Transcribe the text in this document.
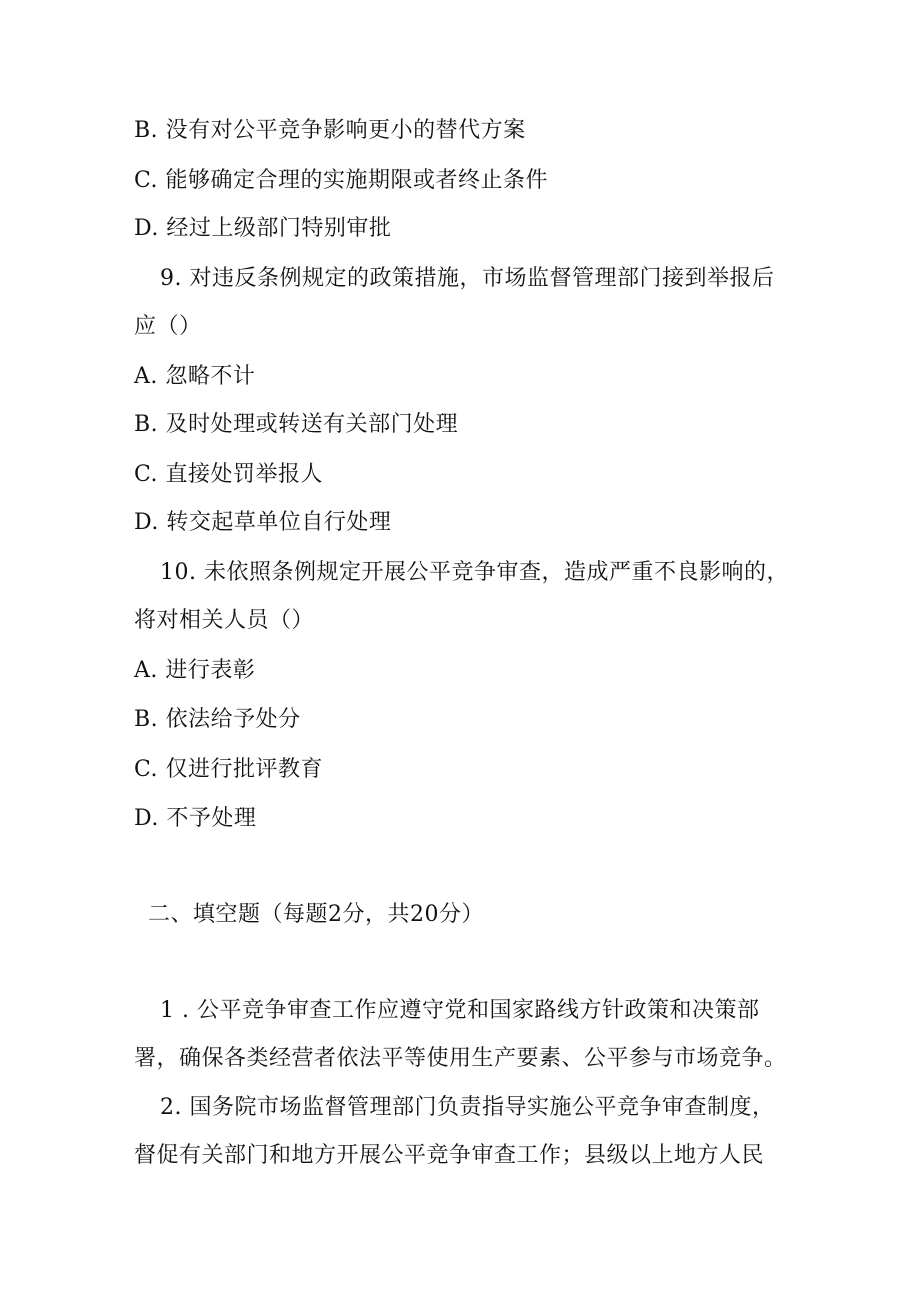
B. 没有对公平竞争影响更小的替代方案
C. 能够确定合理的实施期限或者终止条件
D. 经过上级部门特别审批
9. 对违反条例规定的政策措施，市场监督管理部门接到举报后
应（）
A. 忽略不计
B. 及时处理或转送有关部门处理
C. 直接处罚举报人
D. 转交起草单位自行处理
10. 未依照条例规定开展公平竞争审查，造成严重不良影响的，
将对相关人员（）
A. 进行表彰
B. 依法给予处分
C. 仅进行批评教育
D. 不予处理
二、填空题（每题2分，共20分）
1 . 公平竞争审查工作应遵守党和国家路线方针政策和决策部
署，确保各类经营者依法平等使用生产要素、公平参与市场竞争。
2. 国务院市场监督管理部门负责指导实施公平竞争审查制度，
督促有关部门和地方开展公平竞争审查工作；县级以上地方人民
